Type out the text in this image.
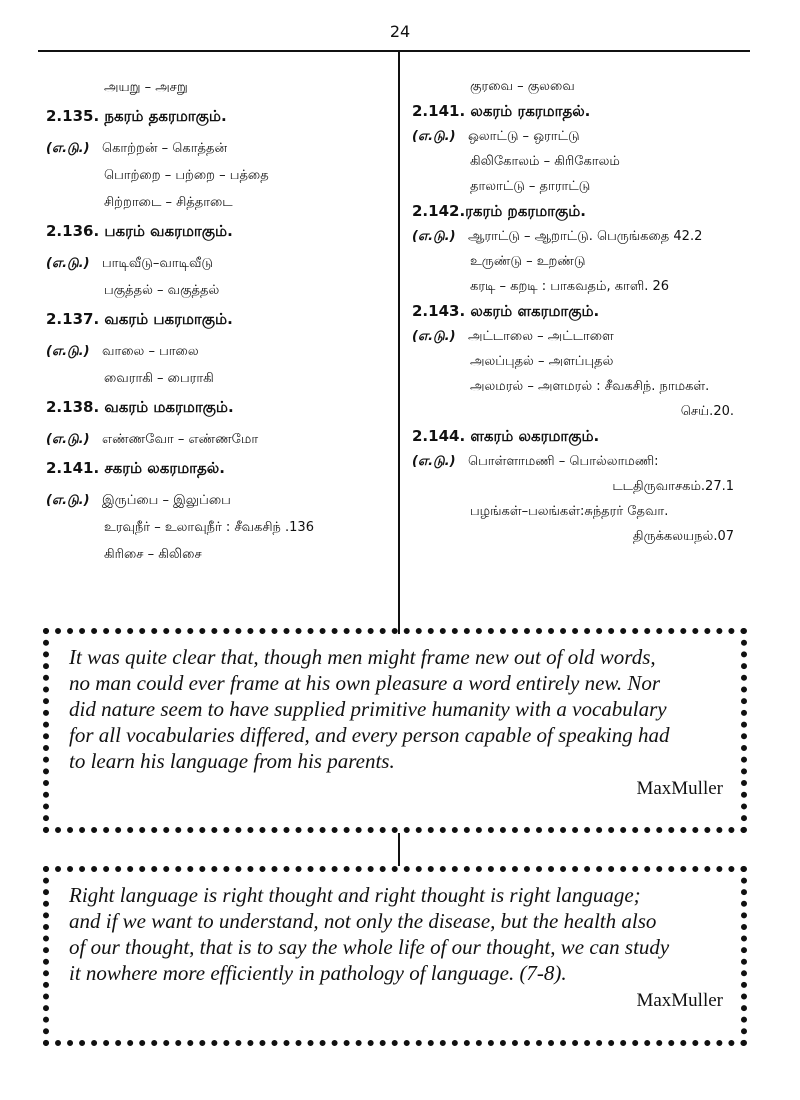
24
அயறு – அசறு
2.135. நகரம் தகரமாகும்.
(எ.டு.) கொற்றன் – கொத்தன்
பொற்றை – பற்றை – பத்தை
சிற்றாடை – சித்தாடை
2.136. பகரம் வகரமாகும்.
(எ.டு.) பாடிவீடு–வாடிவீடு
பகுத்தல் – வகுத்தல்
2.137. வகரம் பகரமாகும்.
(எ.டு.) வாலை – பாலை
வைராகி – பைராகி
2.138. வகரம் மகரமாகும்.
(எ.டு.) எண்ணவோ – எண்ணமோ
2.141. சகரம் லகரமாதல்.
(எ.டு.) இருப்பை – இலுப்பை
உரவுநீர் – உலாவுநீர் : சீவகசிந் .136
கிரிசை – கிலிசை
குரவை – குலவை
2.141. லகரம் ரகரமாதல்.
(எ.டு.) ஒலாட்டு – ஒராட்டு
கிலிகோலம் – கிரிகோலம்
தாலாட்டு – தாராட்டு
2.142.ரகரம் றகரமாகும்.
(எ.டு.) ஆராட்டு – ஆறாட்டு. பெருங்கதை 42.2
உருண்டு – உறண்டு
கரடி – கறடி : பாகவதம், காளி. 26
2.143. லகரம் ளகரமாகும்.
(எ.டு.) அட்டாலை – அட்டாளை
அலப்புதல் – அளப்புதல்
அலமரல் – அளமரல் : சீவகசிந். நாமகள்.
செய்.20.
2.144. ளகரம் லகரமாகும்.
(எ.டு.) பொள்ளாமணி – பொல்லாமணி:
டடதிருவாசகம்.27.1
பழங்கள்–பலங்கள்:சுந்தரர் தேவா.
திருக்கலயநல்.07

It was quite clear that, though men might frame new out of old words,
no man could ever frame at his own pleasure a word entirely new. Nor
did nature seem to have supplied primitive humanity with a vocabulary
for all vocabularies differed, and every person capable of speaking had
to learn his language from his parents.

MaxMuller

Right language is right thought and right thought is right language;
and if we want to understand, not only the disease, but the health also
of our thought, that is to say the whole life of our thought, we can study
it nowhere more efficiently in pathology of language. (7-8).

MaxMuller
